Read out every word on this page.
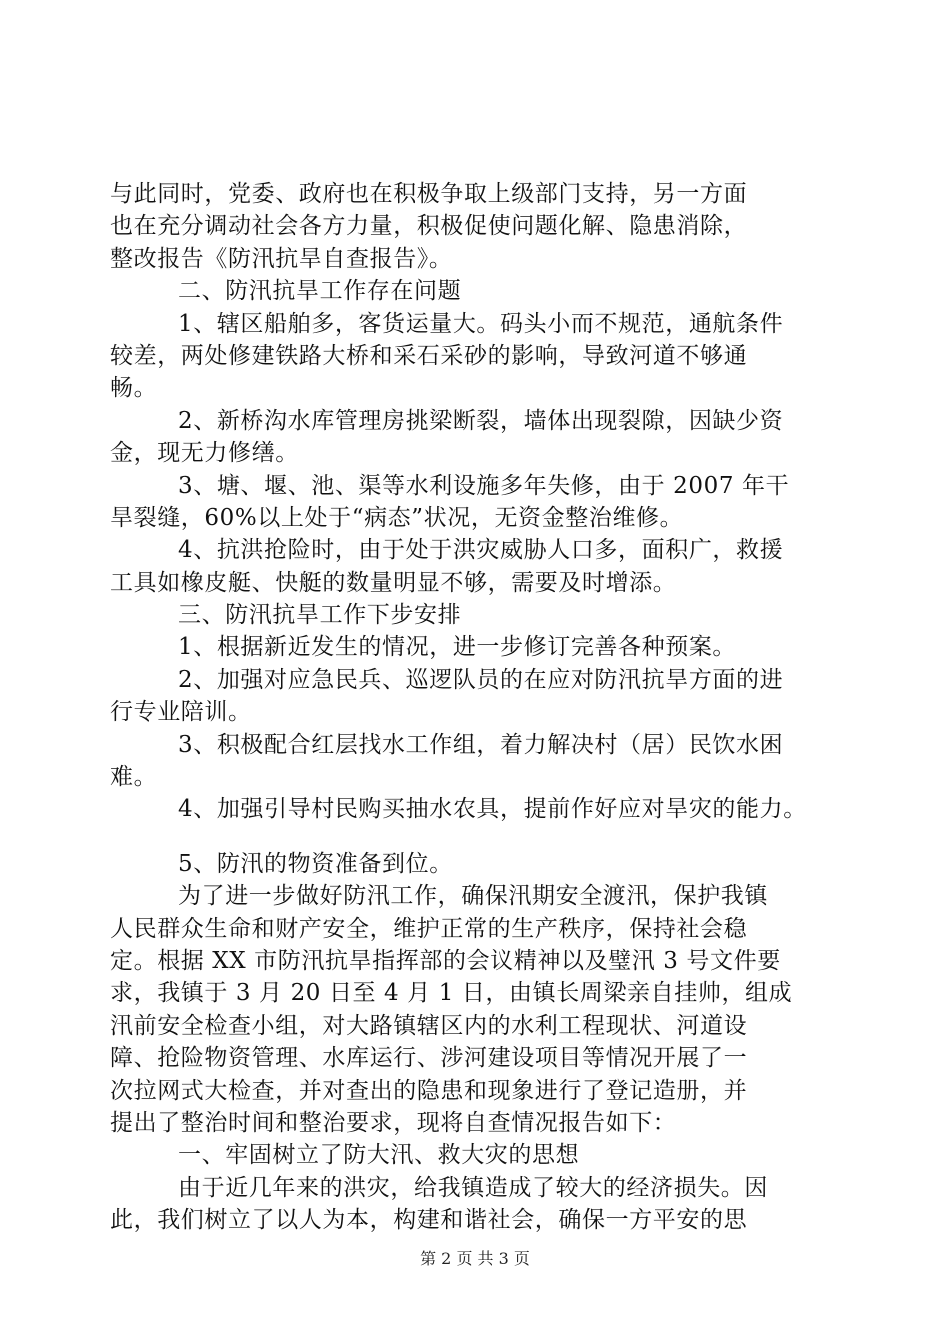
与此同时，党委、政府也在积极争取上级部门支持，另一方面
也在充分调动社会各方力量，积极促使问题化解、隐患消除，
整改报告《防汛抗旱自查报告》。
二、防汛抗旱工作存在问题
1、辖区船舶多，客货运量大。码头小而不规范，通航条件
较差，两处修建铁路大桥和采石采砂的影响，导致河道不够通
畅。
2、新桥沟水库管理房挑梁断裂，墙体出现裂隙，因缺少资
金，现无力修缮。
3、塘、堰、池、渠等水利设施多年失修，由于 2007 年干
旱裂缝，60%以上处于“病态”状况，无资金整治维修。
4、抗洪抢险时，由于处于洪灾威胁人口多，面积广，救援
工具如橡皮艇、快艇的数量明显不够，需要及时增添。
三、防汛抗旱工作下步安排
1、根据新近发生的情况，进一步修订完善各种预案。
2、加强对应急民兵、巡逻队员的在应对防汛抗旱方面的进
行专业陪训。
3、积极配合红层找水工作组，着力解决村（居）民饮水困
难。
4、加强引导村民购买抽水农具，提前作好应对旱灾的能力。
5、防汛的物资准备到位。
为了进一步做好防汛工作，确保汛期安全渡汛，保护我镇
人民群众生命和财产安全，维护正常的生产秩序，保持社会稳
定。根据 XX 市防汛抗旱指挥部的会议精神以及璧汛 3 号文件要
求，我镇于 3 月 20 日至 4 月 1 日，由镇长周梁亲自挂帅，组成
汛前安全检查小组，对大路镇辖区内的水利工程现状、河道设
障、抢险物资管理、水库运行、涉河建设项目等情况开展了一
次拉网式大检查，并对查出的隐患和现象进行了登记造册，并
提出了整治时间和整治要求，现将自查情况报告如下：
一、牢固树立了防大汛、救大灾的思想
由于近几年来的洪灾，给我镇造成了较大的经济损失。因
此，我们树立了以人为本，构建和谐社会，确保一方平安的思
第 2 页 共 3 页
